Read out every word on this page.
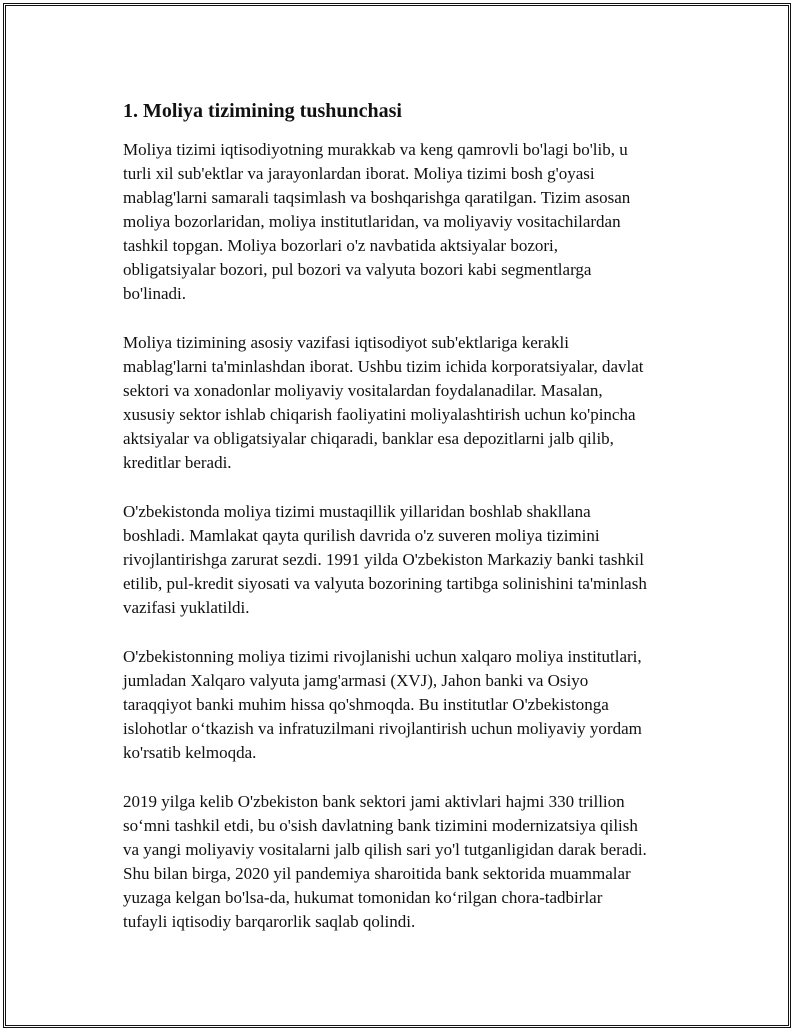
1. Moliya tizimining tushunchasi

Moliya tizimi iqtisodiyotning murakkab va keng qamrovli bo'lagi bo'lib, u
turli xil sub'ektlar va jarayonlardan iborat. Moliya tizimi bosh g'oyasi
mablag'larni samarali taqsimlash va boshqarishga qaratilgan. Tizim asosan
moliya bozorlaridan, moliya institutlaridan, va moliyaviy vositachilardan
tashkil topgan. Moliya bozorlari o'z navbatida aktsiyalar bozori,
obligatsiyalar bozori, pul bozori va valyuta bozori kabi segmentlarga
bo'linadi.

Moliya tizimining asosiy vazifasi iqtisodiyot sub'ektlariga kerakli
mablag'larni ta'minlashdan iborat. Ushbu tizim ichida korporatsiyalar, davlat
sektori va xonadonlar moliyaviy vositalardan foydalanadilar. Masalan,
xususiy sektor ishlab chiqarish faoliyatini moliyalashtirish uchun ko'pincha
aktsiyalar va obligatsiyalar chiqaradi, banklar esa depozitlarni jalb qilib,
kreditlar beradi.

O'zbekistonda moliya tizimi mustaqillik yillaridan boshlab shakllana
boshladi. Mamlakat qayta qurilish davrida o'z suveren moliya tizimini
rivojlantirishga zarurat sezdi. 1991 yilda O'zbekiston Markaziy banki tashkil
etilib, pul-kredit siyosati va valyuta bozorining tartibga solinishini ta'minlash
vazifasi yuklatildi.

O'zbekistonning moliya tizimi rivojlanishi uchun xalqaro moliya institutlari,
jumladan Xalqaro valyuta jamg'armasi (XVJ), Jahon banki va Osiyo
taraqqiyot banki muhim hissa qo'shmoqda. Bu institutlar O'zbekistonga
islohotlar o‘tkazish va infratuzilmani rivojlantirish uchun moliyaviy yordam
ko'rsatib kelmoqda.

2019 yilga kelib O'zbekiston bank sektori jami aktivlari hajmi 330 trillion
so‘mni tashkil etdi, bu o'sish davlatning bank tizimini modernizatsiya qilish
va yangi moliyaviy vositalarni jalb qilish sari yo'l tutganligidan darak beradi.
Shu bilan birga, 2020 yil pandemiya sharoitida bank sektorida muammalar
yuzaga kelgan bo'lsa-da, hukumat tomonidan ko‘rilgan chora-tadbirlar
tufayli iqtisodiy barqarorlik saqlab qolindi.
